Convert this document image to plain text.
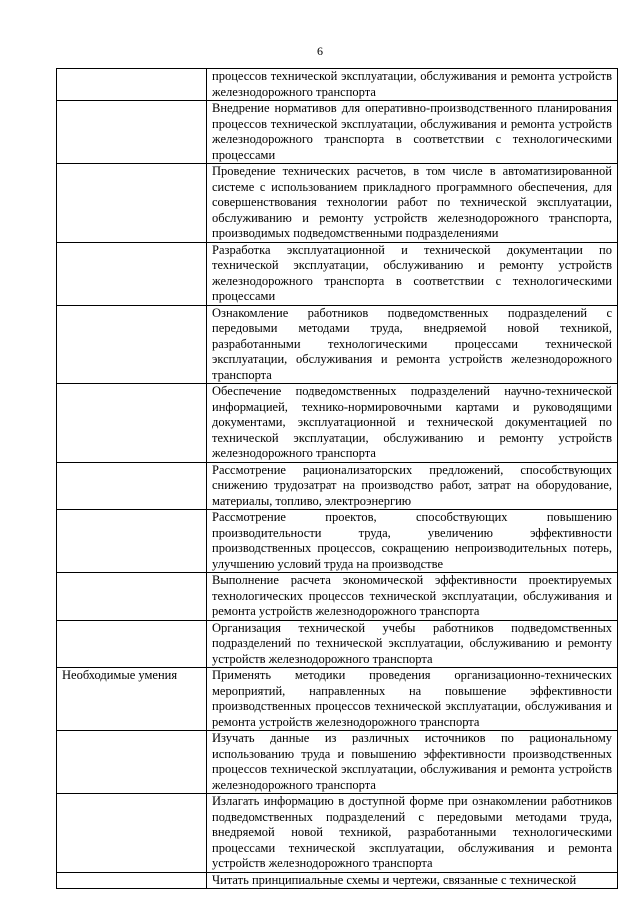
6
	процессов технической эксплуатации, обслуживания и ремонта устройств железнодорожного транспорта
	Внедрение нормативов для оперативно-производственного планирования процессов технической эксплуатации, обслуживания и ремонта устройств железнодорожного транспорта в соответствии с технологическими процессами
	Проведение технических расчетов, в том числе в автоматизированной системе с использованием прикладного программного обеспечения, для совершенствования технологии работ по технической эксплуатации, обслуживанию и ремонту устройств железнодорожного транспорта, производимых подведомственными подразделениями
	Разработка эксплуатационной и технической документации по технической эксплуатации, обслуживанию и ремонту устройств железнодорожного транспорта в соответствии с технологическими процессами
	Ознакомление работников подведомственных подразделений с передовыми методами труда, внедряемой новой техникой, разработанными технологическими процессами технической эксплуатации, обслуживания и ремонта устройств железнодорожного транспорта
	Обеспечение подведомственных подразделений научно-технической информацией, технико-нормировочными картами и руководящими документами, эксплуатационной и технической документацией по технической эксплуатации, обслуживанию и ремонту устройств железнодорожного транспорта
	Рассмотрение рационализаторских предложений, способствующих снижению трудозатрат на производство работ, затрат на оборудование, материалы, топливо, электроэнергию
	Рассмотрение проектов, способствующих повышению производительности труда, увеличению эффективности производственных процессов, сокращению непроизводительных потерь, улучшению условий труда на производстве
	Выполнение расчета экономической эффективности проектируемых технологических процессов технической эксплуатации, обслуживания и ремонта устройств железнодорожного транспорта
	Организация технической учебы работников подведомственных подразделений по технической эксплуатации, обслуживанию и ремонту устройств железнодорожного транспорта
Необходимые умения	Применять методики проведения организационно-технических мероприятий, направленных на повышение эффективности производственных процессов технической эксплуатации, обслуживания и ремонта устройств железнодорожного транспорта
	Изучать данные из различных источников по рациональному использованию труда и повышению эффективности производственных процессов технической эксплуатации, обслуживания и ремонта устройств железнодорожного транспорта
	Излагать информацию в доступной форме при ознакомлении работников подведомственных подразделений с передовыми методами труда, внедряемой новой техникой, разработанными технологическими процессами технической эксплуатации, обслуживания и ремонта устройств железнодорожного транспорта
	Читать принципиальные схемы и чертежи, связанные с технической
